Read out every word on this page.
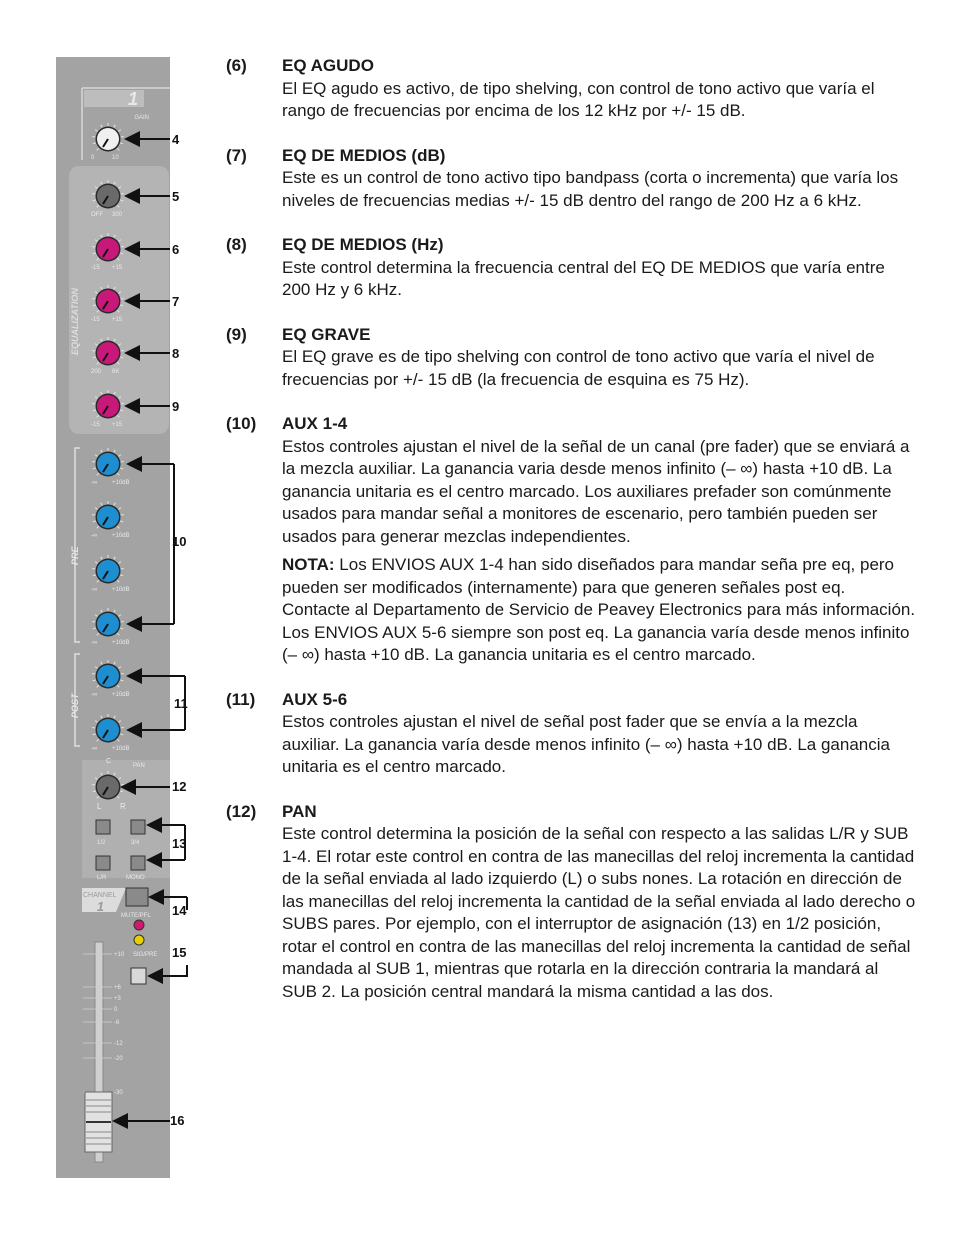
1
GAIN
EQUALIZATION
PRE
POST
PAN
0	10
OFF 300
-15 +15
-15 +15
200 6K
-15 +15
-∞ +10dB
-∞ +10dB
-∞ +10dB
-∞ +10dB
-∞ +10dB
-∞ +10dB
L R
C
1/2	3/4
L/R	MONO
CHANNEL
1
MUTE/PFL
SIG/PRE
+10
+6
+3
0
-6
-12
-20
-30
4
5
6
7
8
9
10
11
12
13
14
15
16
(6) EQ AGUDO
El EQ agudo es activo, de tipo shelving, con control de tono activo que varía el rango de frecuencias por encima de los 12 kHz por +/- 15 dB.
(7) EQ DE MEDIOS (dB)
Este es un control de tono activo tipo bandpass (corta o incrementa) que varía los niveles de frecuencias medias +/- 15 dB dentro del rango de 200 Hz a 6 kHz.
(8) EQ DE MEDIOS (Hz)
Este control determina la frecuencia central del EQ DE MEDIOS que varía entre 200 Hz y 6 kHz.
(9) EQ GRAVE
El EQ grave es de tipo shelving con control de tono activo que varía el nivel de frecuencias por +/- 15 dB (la frecuencia de esquina es 75 Hz).
(10) AUX 1-4
Estos controles ajustan el nivel de la señal de un canal (pre fader) que se enviará a la mezcla auxiliar. La ganancia varia desde menos infinito (– ∞) hasta +10 dB. La ganancia unitaria es el centro marcado. Los auxiliares prefader son comúnmente usados para mandar señal a monitores de escenario, pero también pueden ser usados para generar mezclas independientes.
NOTA: Los ENVIOS AUX 1-4 han sido diseñados para mandar seña pre eq, pero pueden ser modificados (internamente) para que generen señales post eq. Contacte al Departamento de Servicio de Peavey Electronics para más información. Los ENVIOS AUX 5-6 siempre son post eq. La ganancia varía desde menos infinito (– ∞) hasta +10 dB. La ganancia unitaria es el centro marcado.
(11) AUX 5-6
Estos controles ajustan el nivel de señal post fader que se envía a la mezcla auxiliar. La ganancia varía desde menos infinito (– ∞) hasta +10 dB. La ganancia unitaria es el centro marcado.
(12) PAN
Este control determina la posición de la señal con respecto a las salidas L/R y SUB 1-4. El rotar este control en contra de las manecillas del reloj incrementa la cantidad de la señal enviada al lado izquierdo (L) o subs nones. La rotación en dirección de las manecillas del reloj incrementa la cantidad de la señal enviada al lado derecho o SUBS pares. Por ejemplo, con el interruptor de asignación (13) en 1/2 posición, rotar el control en contra de las manecillas del reloj incrementa la cantidad de señal mandada al SUB 1, mientras que rotarla en la dirección contraria la mandará al SUB 2. La posición central mandará la misma cantidad a las dos.
